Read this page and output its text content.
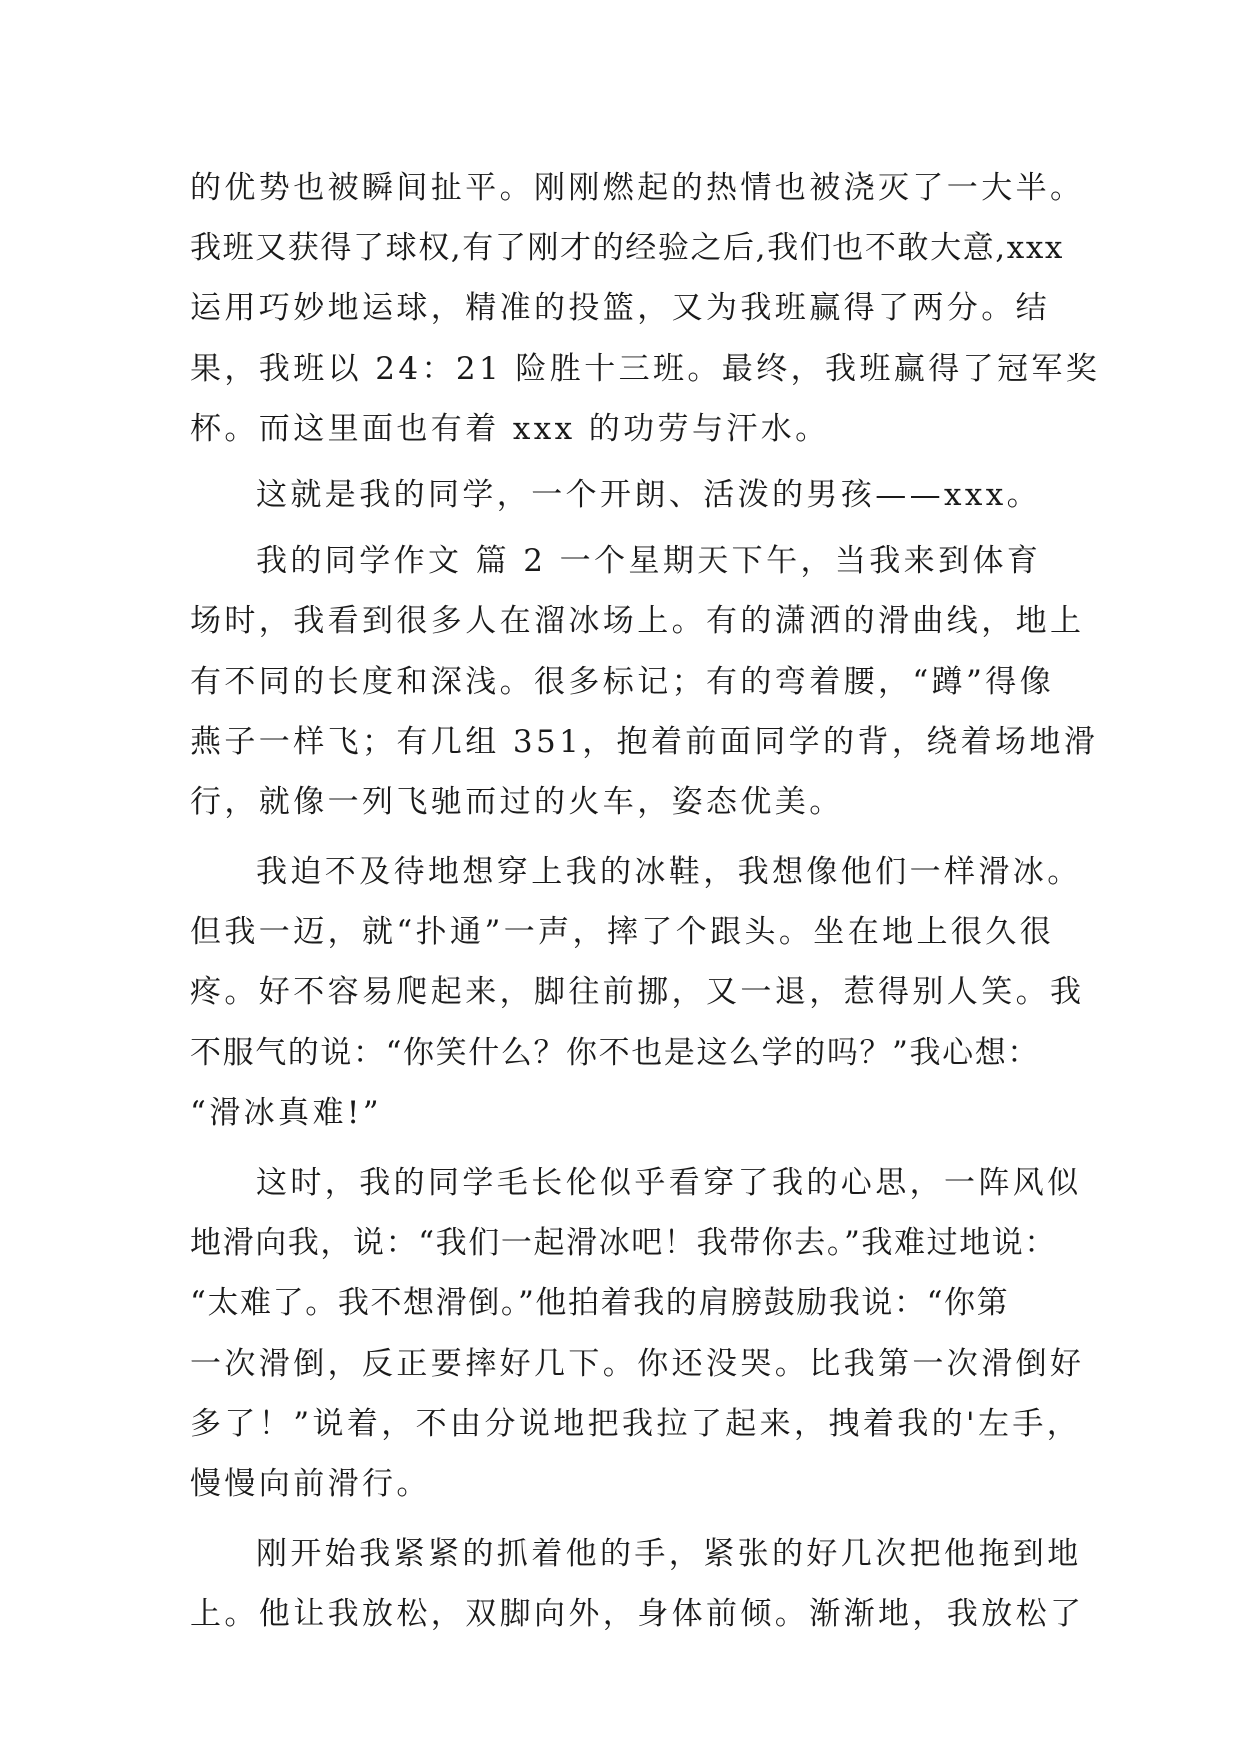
的优势也被瞬间扯平。刚刚燃起的热情也被浇灭了一大半。
我班又获得了球权,有了刚才的经验之后,我们也不敢大意,xxx
运用巧妙地运球，精准的投篮，又为我班赢得了两分。结
果，我班以 24：21 险胜十三班。最终，我班赢得了冠军奖
杯。而这里面也有着 xxx 的功劳与汗水。
这就是我的同学，一个开朗、活泼的男孩——xxx。
我的同学作文 篇 2 一个星期天下午，当我来到体育
场时，我看到很多人在溜冰场上。有的潇洒的滑曲线，地上
有不同的长度和深浅。很多标记；有的弯着腰，“蹲”得像
燕子一样飞；有几组 351，抱着前面同学的背，绕着场地滑
行，就像一列飞驰而过的火车，姿态优美。
我迫不及待地想穿上我的冰鞋，我想像他们一样滑冰。
但我一迈，就“扑通”一声，摔了个跟头。坐在地上很久很
疼。好不容易爬起来，脚往前挪，又一退，惹得别人笑。我
不服气的说：“你笑什么？你不也是这么学的吗？”我心想：
“滑冰真难!”
这时，我的同学毛长伦似乎看穿了我的心思，一阵风似
地滑向我，说：“我们一起滑冰吧！我带你去。”我难过地说：
“太难了。我不想滑倒。”他拍着我的肩膀鼓励我说：“你第
一次滑倒，反正要摔好几下。你还没哭。比我第一次滑倒好
多了！”说着，不由分说地把我拉了起来，拽着我的'左手，
慢慢向前滑行。
刚开始我紧紧的抓着他的手，紧张的好几次把他拖到地
上。他让我放松，双脚向外，身体前倾。渐渐地，我放松了
